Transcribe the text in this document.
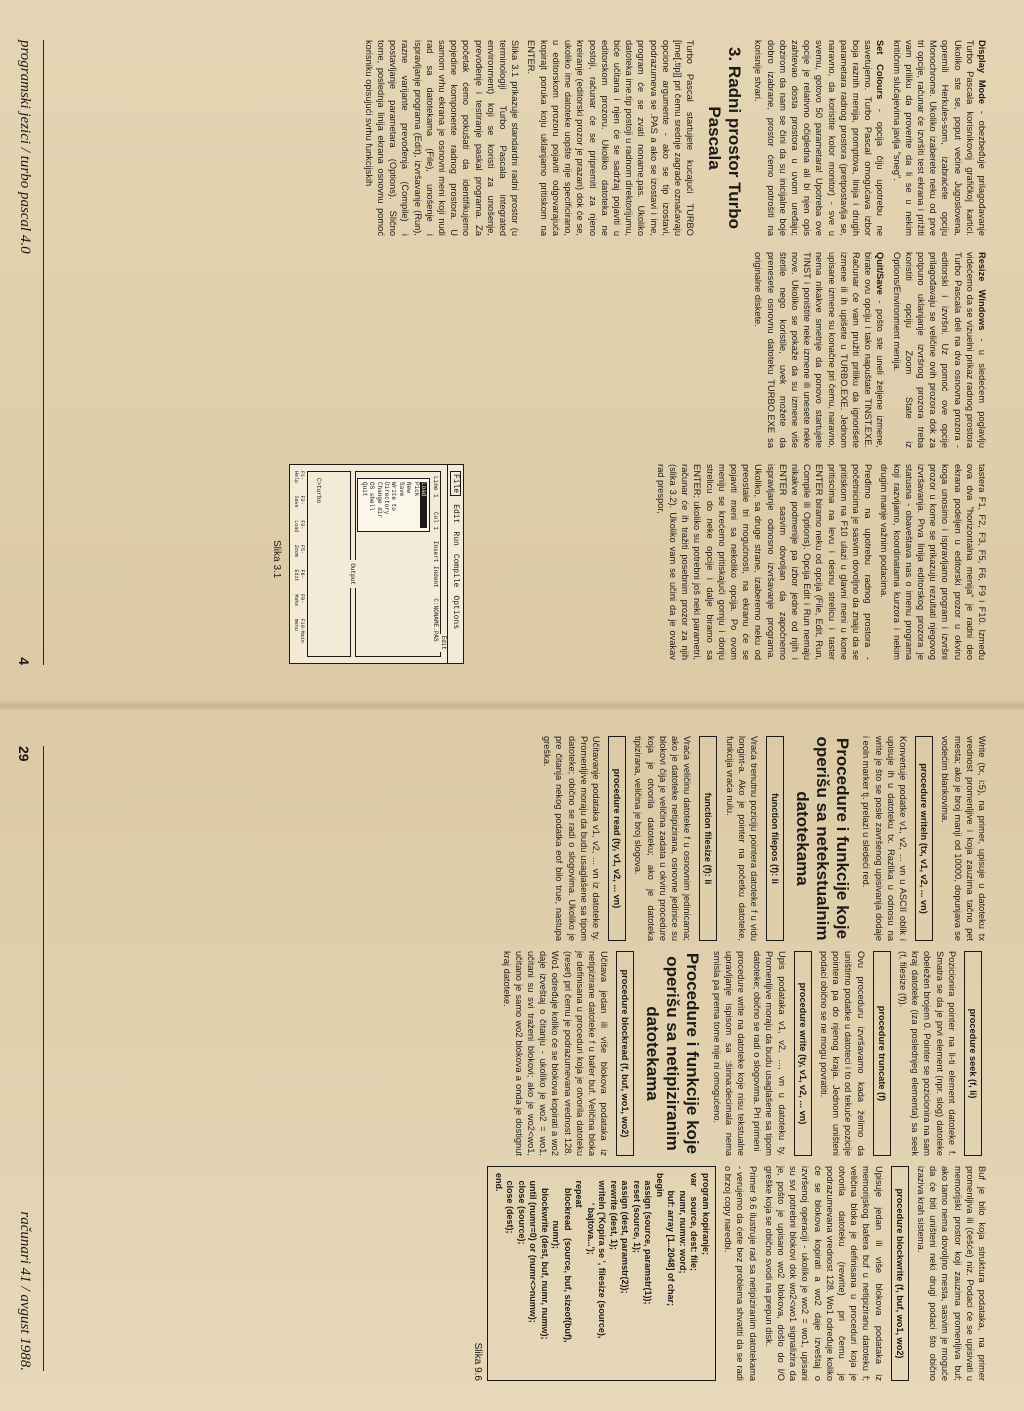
Display Mode - obezbeđuje prilagođavanje Turbo Pascala korisnikovoj grafičkoj kartici. Ukoliko ste se, poput većine Jugoslovena, opremili Herkules-som, izabraćete opciju Monochrome. Ukoliko izaberete neku od prve tri opcije, računar će izvršiti test ekrana i prižiti vam priliku da proverite da li se u nekim kritičnim slučajevima javlja "sneg".

Set Colours - opcija čiju upotrebu ne savetujemo. Turbo Pascal omogućava izbor boja raznih menija, promptova, linija i drugih parametara radnog prostora (pretpostavlja se, naravno, da koristite kolor monitor) - sve u svemu, gotovo 50 parametara! Upotreba ove opcije je relativno očiglеdna ali bi njen opis zahtevao dosta prostora u uvom uređaju; obzirom da nam se čini da su inicijalne boje dobro izabrane, prostor ćemo potrošiti na korisnije stvari.

3. Radni prostor Turbo Pascala

Turbo Pascal startujete kucajući TURBO [ime[.tip]] pri čemu srednje zagrade označavaju opcione argumente - ako se tip izostavi, podrazumeva se .PAS a ako se izostavi i ime, program će se zvati noname.pas. Ukoliko datoteka ime.tip postoji u radnom direktorijumu, biće učitana i njen će se sadržaj pojaviti u editorskom prozoru. Ukoliko datoteka ne postoji, računar će se pripremiti za njeno kreiranje (editorski prozor je prazan) dok će se, ukoliko ime datoteke uopšte nije specificirano, u editorskom prozoru pojaviti odgovarajuća kopirajt poruka koju uklanjamo pritiskom na ENTER.

Slika 3.1 prikazuje standardni radni prostor (u terminologiji Turbo Pascala integrated environment) koji se koristi za unošenje, prevođenje i testiranje paskal programa. Za početak ćemo pokušati da identifikujemo pojedine komponente radnog prostora. U samom vrhu ekrana je osnovni meni koji nudi rad sa datotekama (File), unošenje i ispravljanje programa (Edit), izvršavanje (Run), razne varijante prevođenja (Compile) i postavljanje parametara (Options). Slično tome, poslednja linija ekrana osnovnu pomoć korisniku opisujući svrhu funkcijskih

Resize Windows - u sledećem poglavlju videćemo da se vizuelni prikaz radnog prostora Turbo Pascala deli na dva osnovna prozora - editorski i izvršni. Uz pomoć ove opcije prilagođavaju se veličine ovih prozora dok za potpuno uklanjanje izvršnog prozora treba koristiti opciju Zoom State iz Options/Environment menija.

Quit/Save - pošto ste uneli željene izmene, birate ovu opciju i tako napuštate TINST.EXE. Računar će vam pružiti priliku da ignorišete izmene ili ih upišete u TURBO.EXE. Jednom upisane izmene su konačne pri čemu, naravno, nema nikakve smetnje da ponovo startujete TINST i poništite neke izmene ili unesete neke nove. Ukoliko se pokaže da su izmene više štetile nego koristile, uvek možete da prenesete osnovnu datoteku TURBO.EXE sa originalne diskete.

tastera F1, F2, F3, F5, F6, F9 i F10. Između ova dva "horizontalna menija" je radni deo ekrana podeljen u editorski prozor u okviru koga unosimo i ispravljamo program i izvršni prozor u kome se prikazuju rezultati njegovog izvršavanja. Prva linija editorskog prozora je statusna - obaveštava nas o imenu programa koji razvijamo, koordinatama kurzora i nekim drugim manje važnim podacima.

Pređimo na upotrebu radnog prostora - početnicima je sasvim dovoljno da znaju da se pritiskom na F10 ulazi u glavni meni u kome pritiscima na levu i desnu strelicu i taster ENTER biramo neku od opcija (File, Edit, Run, Compile ili Options). Opcija Edit i Run nemaju nikakve podmenije pa izbor jedne od njih i ENTER sasvim dovoljan da započnemo ispravljanje odnosno izvršavanje programa. Ukoliko, sa druge strane, izaberemo neku od preostale tri mogućnosti, na ekranu će se pojaviti meni sa nekoliko opcija. Po ovom meniju se krećemo pritiskajući gornju i donju strelicu do neke opcije i dalje biramo sa ENTER; ukoliko su potrebni još neki parametri, računar će ih tražiti posebnim prozor za njih (slika 3.2). Ukoliko vam se učini da je ovakav rad prespor,

File
Edit
Run
Compile
Options
Line 1    Col 1   Insert Indent   C:NONAME.PAS
Load
Pick
New
Save
Write to
Directory
Change dir
OS shell
Quit
Edit
Output
C>turbo
F1-Help
F2-Save
F3-Load
F5-Zoom
F6-Edit
F9-Make
F10-Main menu
Slika 3.1
programski jezici / turbo pascal 4.0
4

Write (tx, i:5), na primer, upisuje u datoteku tx vrednost promenljive i koja zauzima tačno pet mesta; ako je broj manji od 10000, dopunjava se vodećim blankovima.

procedure writeln (tx, v1, v2, ... vn)

Konvertuje podatke v1, v2, ... vn u ASCII oblik i upisuje ih u datoteku tx. Razlika u odnosu na write je što se posle završenog upisivanja dodaje i eoln marker tj. prelazi u sledeći red.

Procedure i funkcije koje operišu sa netekstualnim datotekama
function filepos (f): li

Vraća trenutnu poziciju pointera datoteke f u vidu longint-a. Ako je pointer na početku datoteke, funkcija vraća nulu.

function filesize (f): li

Vraća veličinu datoteke f u osnovnim jedinicama; ako je datoteke netipizirana, osnovne jedinice su blokovi čija je veličina zadata u okviru procedure koja je otvorila datoteku; ako je datoteka tipizirana, veličina je broj slogova.

procedure read (ty, v1, v2, ... vn)

Učitavanje podataka v1, v2, ... vn iz datoteke ty. Promenljive moraju da budu usaglašene sa tipom datoteke; obično se radi o slogovima. Ukoliko je pre čitanja nekog podatka eof bilo true, nastupa greška.

procedure seek (f, li)

Pozicionira pointer na li-ti element datoteke f. Smatra se da je prvi element (npr. slog) datoteke obeležen brojem 0. Pointer se pozicionira na sam kraj datoteke (iza poslednjeg elementa) sa seek (f, filesize (f)).

procedure truncate (f)

Ovu proceduru izvršavamo kada želimo da uništimo podatke u datoteci i to od tekuće pozicije pointera pa do njenog kraja. Jednom uništeni podaci obično se ne mogu povratiti.

procedure write (ty, v1, v2, ... vn)

Upis podataka v1, v2, ..., vn u datoteku ty. Promenljive moraju da budu usaglašene sa tipom datoteke; obično se radi o slogovima. Pri primeni

procedure write na datoteke koje nisu tekstualne upravljanje ispisom sa :širina:decimala nema smisla pa prema tome nije ni omogućeno.

Procedure i funkcije koje operišu sa netipiziranim datotekama
procedure blockread (f, buf, wo1, wo2)

Učitava jedan ili više blokova podataka iz netipizirane datoteke f u bafer buf. Veličina bloka je definisana u proceduri koja je otvorila datoteku (reset) pri čemu je podrazumevana vrednost 128. Wo1 određuje koliko će se blokova kopirati a wo2 daje izveštaj o čitanju - ukoliko je wo2 = wo1, učitani su svi traženi blokovi; ako je wo2<wo1, učitano je samo wo2 blokova a onda je dostignut kraj datoteke.

Buf je bilo koja struktura podataka, na primer promenljiva ili (češće) niz. Podaci će se upisivati u memorijski prostor koji zauzima promenljiva buf; ako tamo nema dovoljno mesta, sasvim je moguće da će biti uništeni neki drugi podaci što obično izaziva krah sistema.

procedure blockwrite (f, buf, wo1, wo2)

Upisuje jedan ili više blokova podataka iz memorijskog bafera buf u netipiziranu datoteku f; veličina bloka je definisana u proceduri koja je otvorila datoteku (rewrite) pri čemu je podrazumevana vrednost 128. Wo1 određuje koliko će se blokova kopirati a wo2 daje izveštaj o izvršenoj operaciji - ukoliko je wo2 = wo1, upisani su svi potrebni blokovi dok wo2<wo1 signalizira da je, pošto je upisano wo2 blokova, došlo do I/O greške koja se obično svodi na prepun disk.

Primer 9.6 ilustruje rad sa netipiziranim datotekama - verujemo da ćete bez problema shvatiti da se radi o brzoj copy naredbi.

program kopiranje;
var    source, dest: file;
numr, numw: word;
buf: array [1..2048] of char;
begin
assign (source, paramstr(1));
reset (source, 1);
assign (dest, paramstr(2));
rewrite (dest, 1);
writeln ('Kopira se ', filesize (source),
' bajtova...');
repeat
blockread   (source, buf, sizeof(buf),
numr);
blockwrite (dest, buf, numr, numw);
until (numr=0) or (numr<>numw);
close (source);
close (dest);
end.
Slika 9.6
29
računari 41 / avgust 1988.
